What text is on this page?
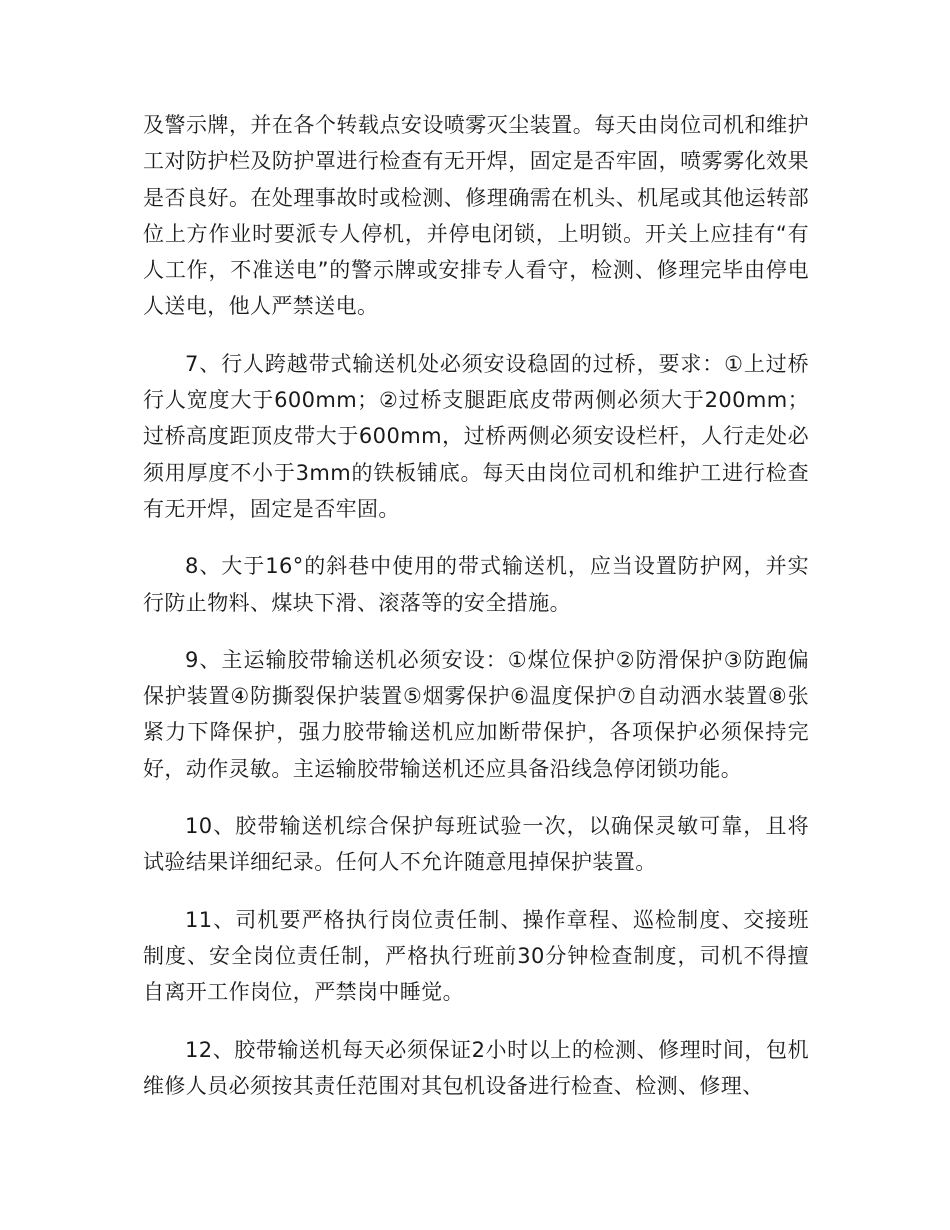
及警示牌，并在各个转载点安设喷雾灭尘装置。每天由岗位司机和维护工对防护栏及防护罩进行检查有无开焊，固定是否牢固，喷雾雾化效果是否良好。在处理事故时或检测、修理确需在机头、机尾或其他运转部位上方作业时要派专人停机，并停电闭锁，上明锁。开关上应挂有“有人工作，不准送电”的警示牌或安排专人看守，检测、修理完毕由停电人送电，他人严禁送电。

7、行人跨越带式输送机处必须安设稳固的过桥，要求：①上过桥行人宽度大于600mm；②过桥支腿距底皮带两侧必须大于200mm；过桥高度距顶皮带大于600mm，过桥两侧必须安设栏杆，人行走处必须用厚度不小于3mm的铁板铺底。每天由岗位司机和维护工进行检查有无开焊，固定是否牢固。

8、大于16°的斜巷中使用的带式输送机，应当设置防护网，并实行防止物料、煤块下滑、滚落等的安全措施。

9、主运输胶带输送机必须安设：①煤位保护②防滑保护③防跑偏保护装置④防撕裂保护装置⑤烟雾保护⑥温度保护⑦自动洒水装置⑧张紧力下降保护，强力胶带输送机应加断带保护，各项保护必须保持完好，动作灵敏。主运输胶带输送机还应具备沿线急停闭锁功能。

10、胶带输送机综合保护每班试验一次，以确保灵敏可靠，且将试验结果详细纪录。任何人不允许随意甩掉保护装置。

11、司机要严格执行岗位责任制、操作章程、巡检制度、交接班制度、安全岗位责任制，严格执行班前30分钟检查制度，司机不得擅自离开工作岗位，严禁岗中睡觉。

12、胶带输送机每天必须保证2小时以上的检测、修理时间，包机维修人员必须按其责任范围对其包机设备进行检查、检测、修理、
